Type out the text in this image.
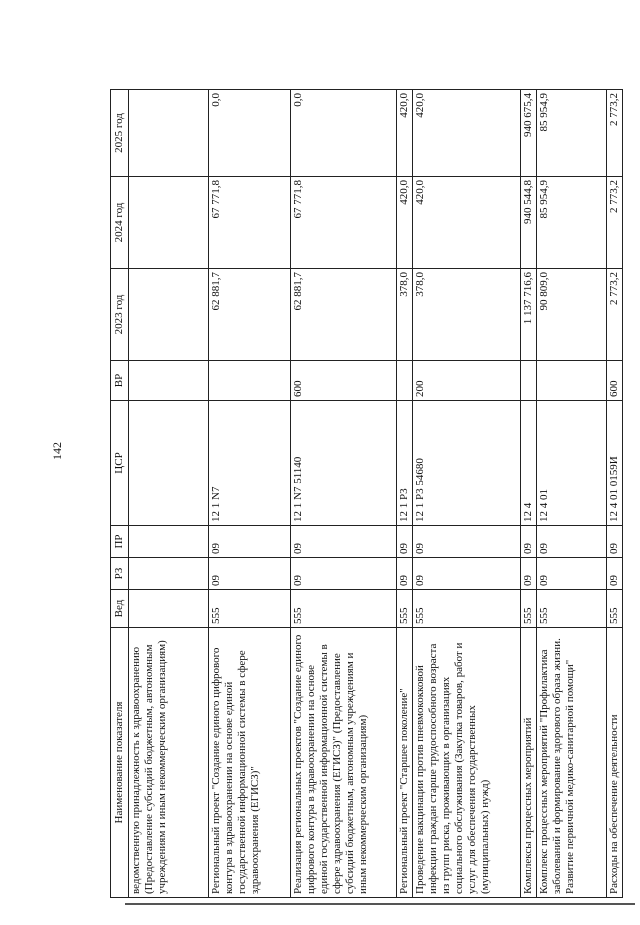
142
Наименование показателя	Вед	РЗ	ПР	ЦСР	ВР	2023 год	2024 год	2025 год
ведомственную принадлежность к здравоохранению (Предоставление субсидий бюджетным, автономным учреждениям и иным некоммерческим организациям)								
Региональный проект "Создание единого цифрового контура в здравоохранении на основе единой государственной информационной системы в сфере здравоохранения (ЕГИСЗ)"	555	09	09	12 1 N7		62 881,7	67 771,8	0,0
Реализация региональных проектов "Создание единого цифрового контура в здравоохранении на основе единой государственной информационной системы в сфере здравоохранения (ЕГИСЗ)" (Предоставление субсидий бюджетным, автономным учреждениям и иным некоммерческим организациям)	555	09	09	12 1 N7 51140	600	62 881,7	67 771,8	0,0
Региональный проект "Старшее поколение"	555	09	09	12 1 P3		378,0	420,0	420,0
Проведение вакцинации против пневмококковой инфекции граждан старше трудоспособного возраста из групп риска, проживающих в организациях социального обслуживания (Закупка товаров, работ и услуг для обеспечения государственных (муниципальных) нужд)	555	09	09	12 1 P3 54680	200	378,0	420,0	420,0
Комплексы процессных мероприятий	555	09	09	12 4		1 137 716,6	940 544,8	940 675,4
Комплекс процессных мероприятий "Профилактика заболеваний и формирование здорового образа жизни. Развитие первичной медико-санитарной помощи"	555	09	09	12 4 01		90 809,0	85 954,9	85 954,9
Расходы на обеспечение деятельности	555	09	09	12 4 01 0159И	600	2 773,2	2 773,2	2 773,2
